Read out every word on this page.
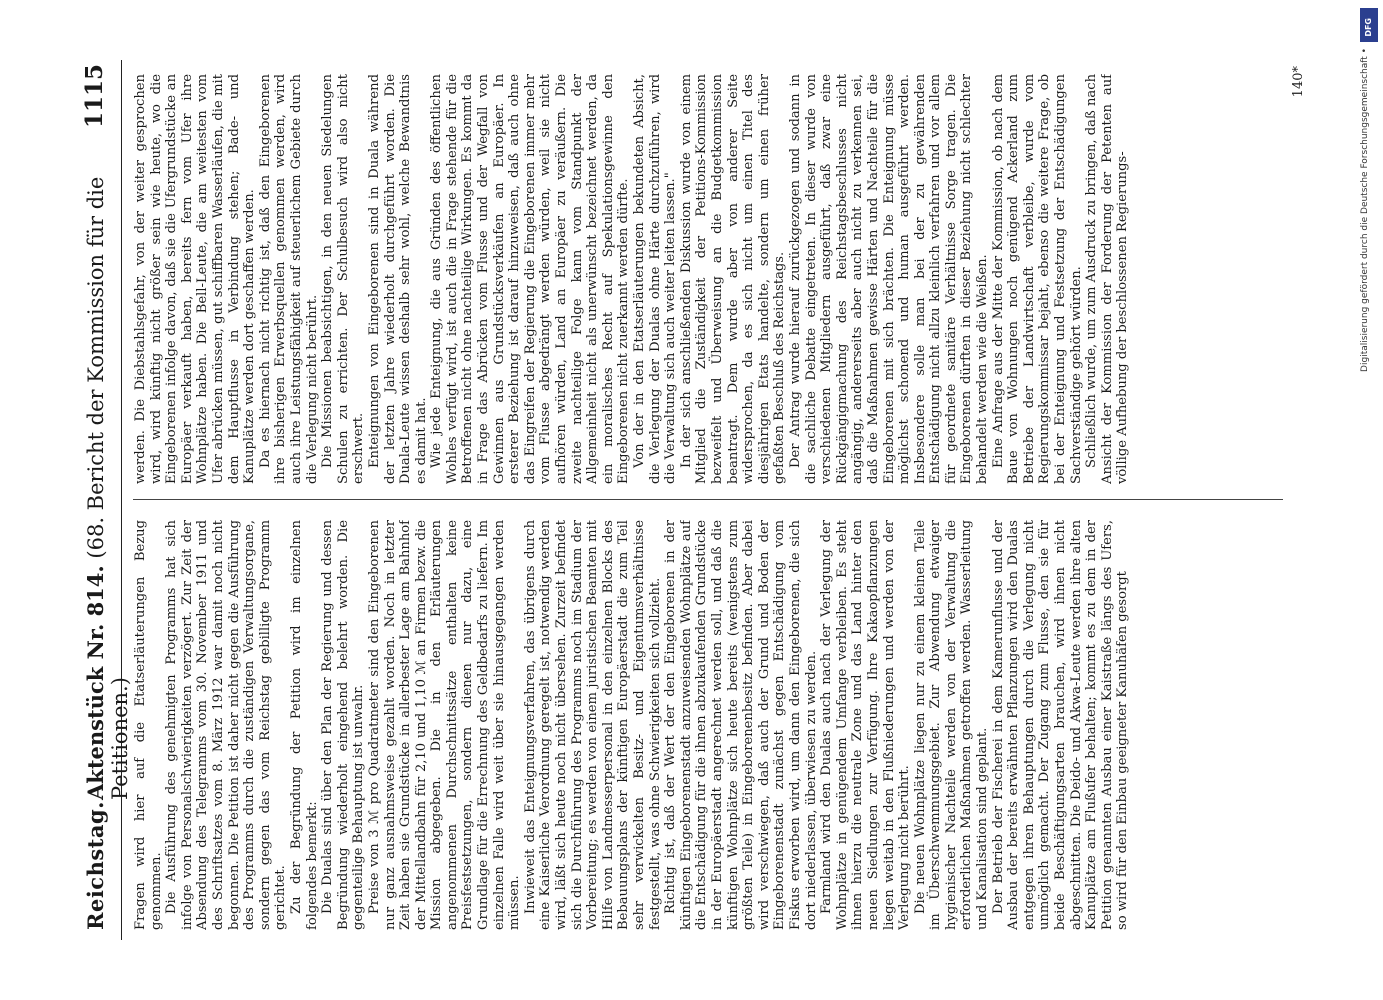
Reichstag.
Aktenstück Nr. 814. (68. Bericht der Kommission für die Petitionen.)
1115

Fragen wird hier auf die Etatserläuterungen Bezug genommen. Die Ausführung des genehmigten Programms hat sich infolge von Personalschwierigkeiten verzögert. Zur Zeit der Absendung des Telegramms vom 30. November 1911 und des Schriftsatzes vom 8. März 1912 war damit noch nicht begonnen. Die Petition ist daher nicht gegen die Ausführung des Programms durch die zuständigen Verwaltungsorgane, sondern gegen das vom Reichstag gebilligte Programm gerichtet. Zu der Begründung der Petition wird im einzelnen folgendes bemerkt: Die Dualas sind über den Plan der Regierung und dessen Begründung wiederholt eingehend belehrt worden. Die gegenteilige Behauptung ist unwahr. Preise von 3 ℳ pro Quadratmeter sind den Eingeborenen nur ganz ausnahmsweise gezahlt worden. Noch in letzter Zeit haben sie Grundstücke in allerbester Lage am Bahnhof der Mittellandbahn für 2,10 und 1,10 ℳ an Firmen bezw. die Mission abgegeben. Die in den Erläuterungen angenommenen Durchschnittssätze enthalten keine Preisfestsetzungen, sondern dienen nur dazu, eine Grundlage für die Errechnung des Geldbedarfs zu liefern. Im einzelnen Falle wird weit über sie hinausgegangen werden müssen. Inwieweit das Enteignungsverfahren, das übrigens durch eine Kaiserliche Verordnung geregelt ist, notwendig werden wird, läßt sich heute noch nicht übersehen. Zurzeit befindet sich die Durchführung des Programms noch im Stadium der Vorbereitung; es werden von einem juristischen Beamten mit Hilfe von Landmesserpersonal in den einzelnen Blocks des Bebauungsplans der künftigen Europäerstadt die zum Teil sehr verwickelten Besitz- und Eigentumsverhältnisse festgestellt, was ohne Schwierigkeiten sich vollzieht. Richtig ist, daß der Wert der den Eingeborenen in der künftigen Eingeborenenstadt anzuweisenden Wohnplätze auf die Entschädigung für die ihnen abzukaufenden Grundstücke in der Europäerstadt angerechnet werden soll, und daß die künftigen Wohnplätze sich heute bereits (wenigstens zum größten Teile) in Eingeborenenbesitz befinden. Aber dabei wird verschwiegen, daß auch der Grund und Boden der Eingeborenenstadt zunächst gegen Entschädigung vom Fiskus erworben wird, um dann den Eingeborenen, die sich dort niederlassen, überwiesen zu werden. Farmland wird den Dualas auch nach der Verlegung der Wohnplätze in genügendem Umfange verbleiben. Es steht ihnen hierzu die neutrale Zone und das Land hinter den neuen Siedlungen zur Verfügung. Ihre Kakaopflanzungen liegen weitab in den Flußniederungen und werden von der Verlegung nicht berührt. Die neuen Wohnplätze liegen nur zu einem kleinen Teile im Überschwemmungsgebiet. Zur Abwendung etwaiger hygienischer Nachteile werden von der Verwaltung die erforderlichen Maßnahmen getroffen werden. Wasserleitung und Kanalisation sind geplant. Der Betrieb der Fischerei in dem Kamerunflusse und der Ausbau der bereits erwähnten Pflanzungen wird den Dualas entgegen ihren Behauptungen durch die Verlegung nicht unmöglich gemacht. Der Zugang zum Flusse, den sie für beide Beschäftigungsarten brauchen, wird ihnen nicht abgeschnitten. Die Deido- und Akwa-Leute werden ihre alten Kanuplätze am Flußufer behalten; kommt es zu dem in der Petition genannten Ausbau einer Kaistraße längs des Ufers, so wird für den Einbau geeigneter Kanuhäfen gesorgt

werden. Die Diebstahlsgefahr, von der weiter gesprochen wird, wird künftig nicht größer sein wie heute, wo die Eingeborenen infolge davon, daß sie die Ufergrundstücke an Europäer verkauft haben, bereits fern vom Ufer ihre Wohnplätze haben. Die Bell-Leute, die am weitesten vom Ufer abrücken müssen, gut schiffbaren Wasserläufen, die mit dem Hauptflusse in Verbindung stehen; Bade- und Kanuplätze werden dort geschaffen werden. Da es hiernach nicht richtig ist, daß den Eingeborenen ihre bisherigen Erwerbsquellen genommen werden, wird auch ihre Leistungsfähigkeit auf steuerlichem Gebiete durch die Verlegung nicht berührt. Die Missionen beabsichtigen, in den neuen Siedelungen Schulen zu errichten. Der Schulbesuch wird also nicht erschwert. Enteignungen von Eingeborenen sind in Duala während der letzten Jahre wiederholt durchgeführt worden. Die Duala-Leute wissen deshalb sehr wohl, welche Bewandtnis es damit hat. Wie jede Enteignung, die aus Gründen des öffentlichen Wohles verfügt wird, ist auch die in Frage stehende für die Betroffenen nicht ohne nachteilige Wirkungen. Es kommt da in Frage das Abrücken vom Flusse und der Wegfall von Gewinnen aus Grundstücksverkäufen an Europäer. In ersterer Beziehung ist darauf hinzuweisen, daß auch ohne das Eingreifen der Regierung die Eingeborenen immer mehr vom Flusse abgedrängt werden würden, weil sie nicht aufhören würden, Land an Europäer zu veräußern. Die zweite nachteilige Folge kann vom Standpunkt der Allgemeinheit nicht als unerwünscht bezeichnet werden, da ein moralisches Recht auf Spekulationsgewinne den Eingeborenen nicht zuerkannt werden dürfte. Von der in den Etatserläuterungen bekundeten Absicht, die Verlegung der Dualas ohne Härte durchzuführen, wird die Verwaltung sich auch weiter leiten lassen." In der sich anschließenden Diskussion wurde von einem Mitglied die Zuständigkeit der Petitions-Kommission bezweifelt und Überweisung an die Budgetkommission beantragt. Dem wurde aber von anderer Seite widersprochen, da es sich nicht um einen Titel des diesjährigen Etats handelte, sondern um einen früher gefaßten Beschluß des Reichstags. Der Antrag wurde hierauf zurückgezogen und sodann in die sachliche Debatte eingetreten. In dieser wurde von verschiedenen Mitgliedern ausgeführt, daß zwar eine Rückgängigmachung des Reichstagsbeschlusses nicht angängig, andererseits aber auch nicht zu verkennen sei, daß die Maßnahmen gewisse Härten und Nachteile für die Eingeborenen mit sich brächten. Die Enteignung müsse möglichst schonend und human ausgeführt werden. Insbesondere solle man bei der zu gewährenden Entschädigung nicht allzu kleinlich verfahren und vor allem für geordnete sanitäre Verhältnisse Sorge tragen. Die Eingeborenen dürften in dieser Beziehung nicht schlechter behandelt werden wie die Weißen. Eine Anfrage aus der Mitte der Kommission, ob nach dem Baue von Wohnungen noch genügend Ackerland zum Betriebe der Landwirtschaft verbleibe, wurde vom Regierungskommissar bejaht, ebenso die weitere Frage, ob bei der Enteignung und Festsetzung der Entschädigungen Sachverständige gehört würden. Schließlich wurde, um zum Ausdruck zu bringen, daß nach Ansicht der Kommission der Forderung der Petenten auf völlige Aufhebung der beschlossenen Regierungs-

140*
DFG
Digitalisierung gefördert durch die Deutsche Forschungsgemeinschaft •
